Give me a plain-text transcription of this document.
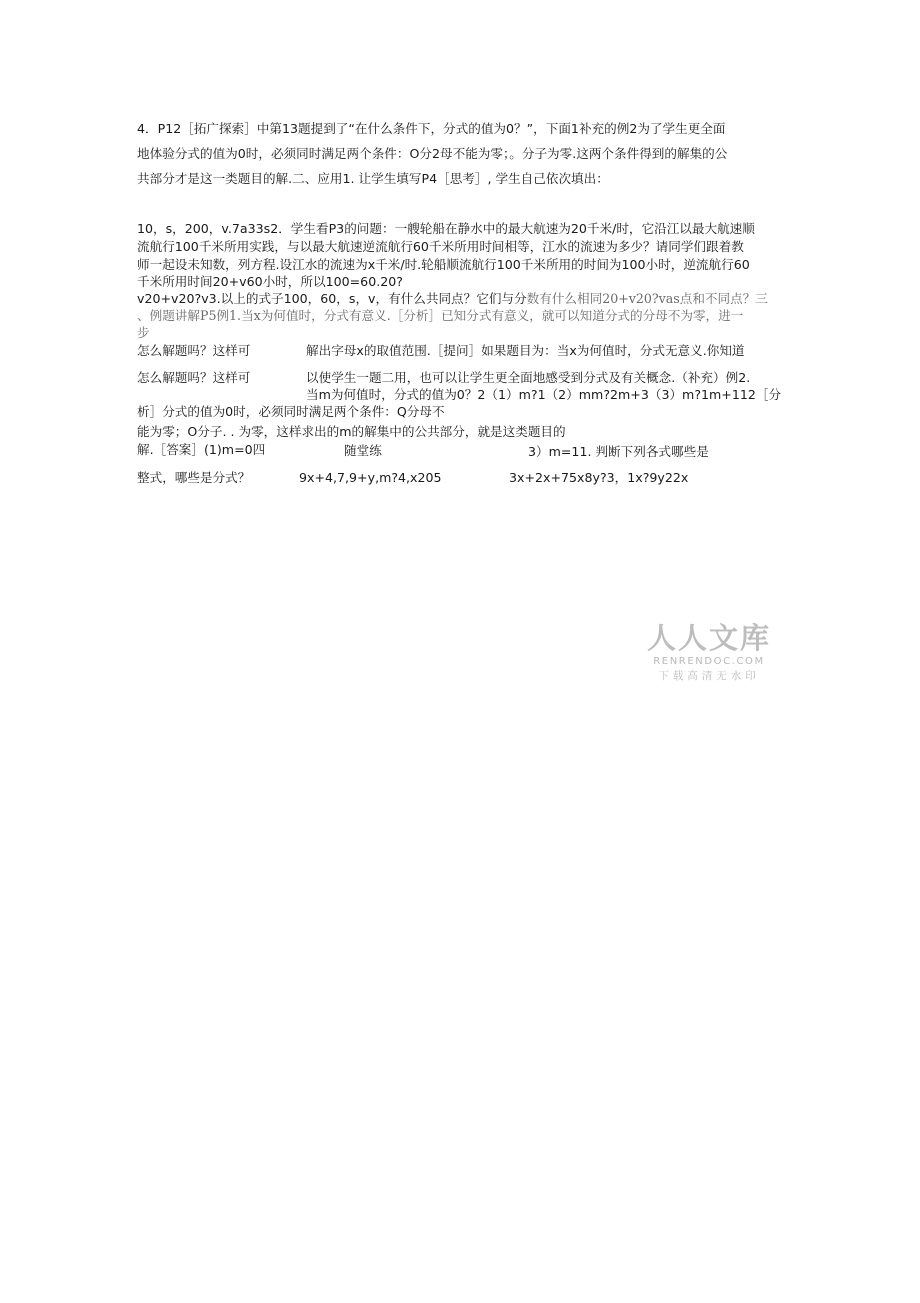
4．P12［拓广探索］中第13题提到了“在什么条件下，分式的值为0？”，下面1补充的例2为了学生更全面
地体验分式的值为0时，必须同时满足两个条件：O分2母不能为零；。分子为零.这两个条件得到的解集的公
共部分才是这一类题目的解.二、应用1. 让学生填写P4［思考］, 学生自己依次填出：
10，s，200，v.7a33s2．学生看P3的问题：一艘轮船在静水中的最大航速为20千米/时，它沿江以最大航速顺
流航行100千米所用实践，与以最大航速逆流航行60千米所用时间相等，江水的流速为多少？请同学们跟着教
师一起设未知数，列方程.设江水的流速为x千米/时.轮船顺流航行100千米所用的时间为100小时，逆流航行60
千米所用时间20+v60小时，所以100=60.20?
v20+v20?v3.以上的式子100，60，s，v，有什么共同点？它们与分数有什么相同20+v20?vas点和不同点？三
、例题讲解P5例1.当x为何值时，分式有意义.［分析］已知分式有意义，就可以知道分式的分母不为零，进一
步
怎么解题吗？这样可	解出字母x的取值范围.［提问］如果题目为：当x为何值时，分式无意义.你知道
怎么解题吗？这样可	以使学生一题二用，也可以让学生更全面地感受到分式及有关概念.（补充）例2.
当m为何值时，分式的值为0？2（1）m?1（2）mm?2m+3（3）m?1m+112［分
析］分式的值为0时，必须同时满足两个条件：Q分母不
能为零；O分子. . 为零，这样求出的m的解集中的公共部分，就是这类题目的
解.［答案］(1)m=0四	随堂练	3）m=11. 判断下列各式哪些是
整式，哪些是分式？	9x+4,7,9+y,m?4,x205	3x+2x+75x8y?3，1x?9y22x
人人文库
RENRENDOC.COM
下载高清无水印
